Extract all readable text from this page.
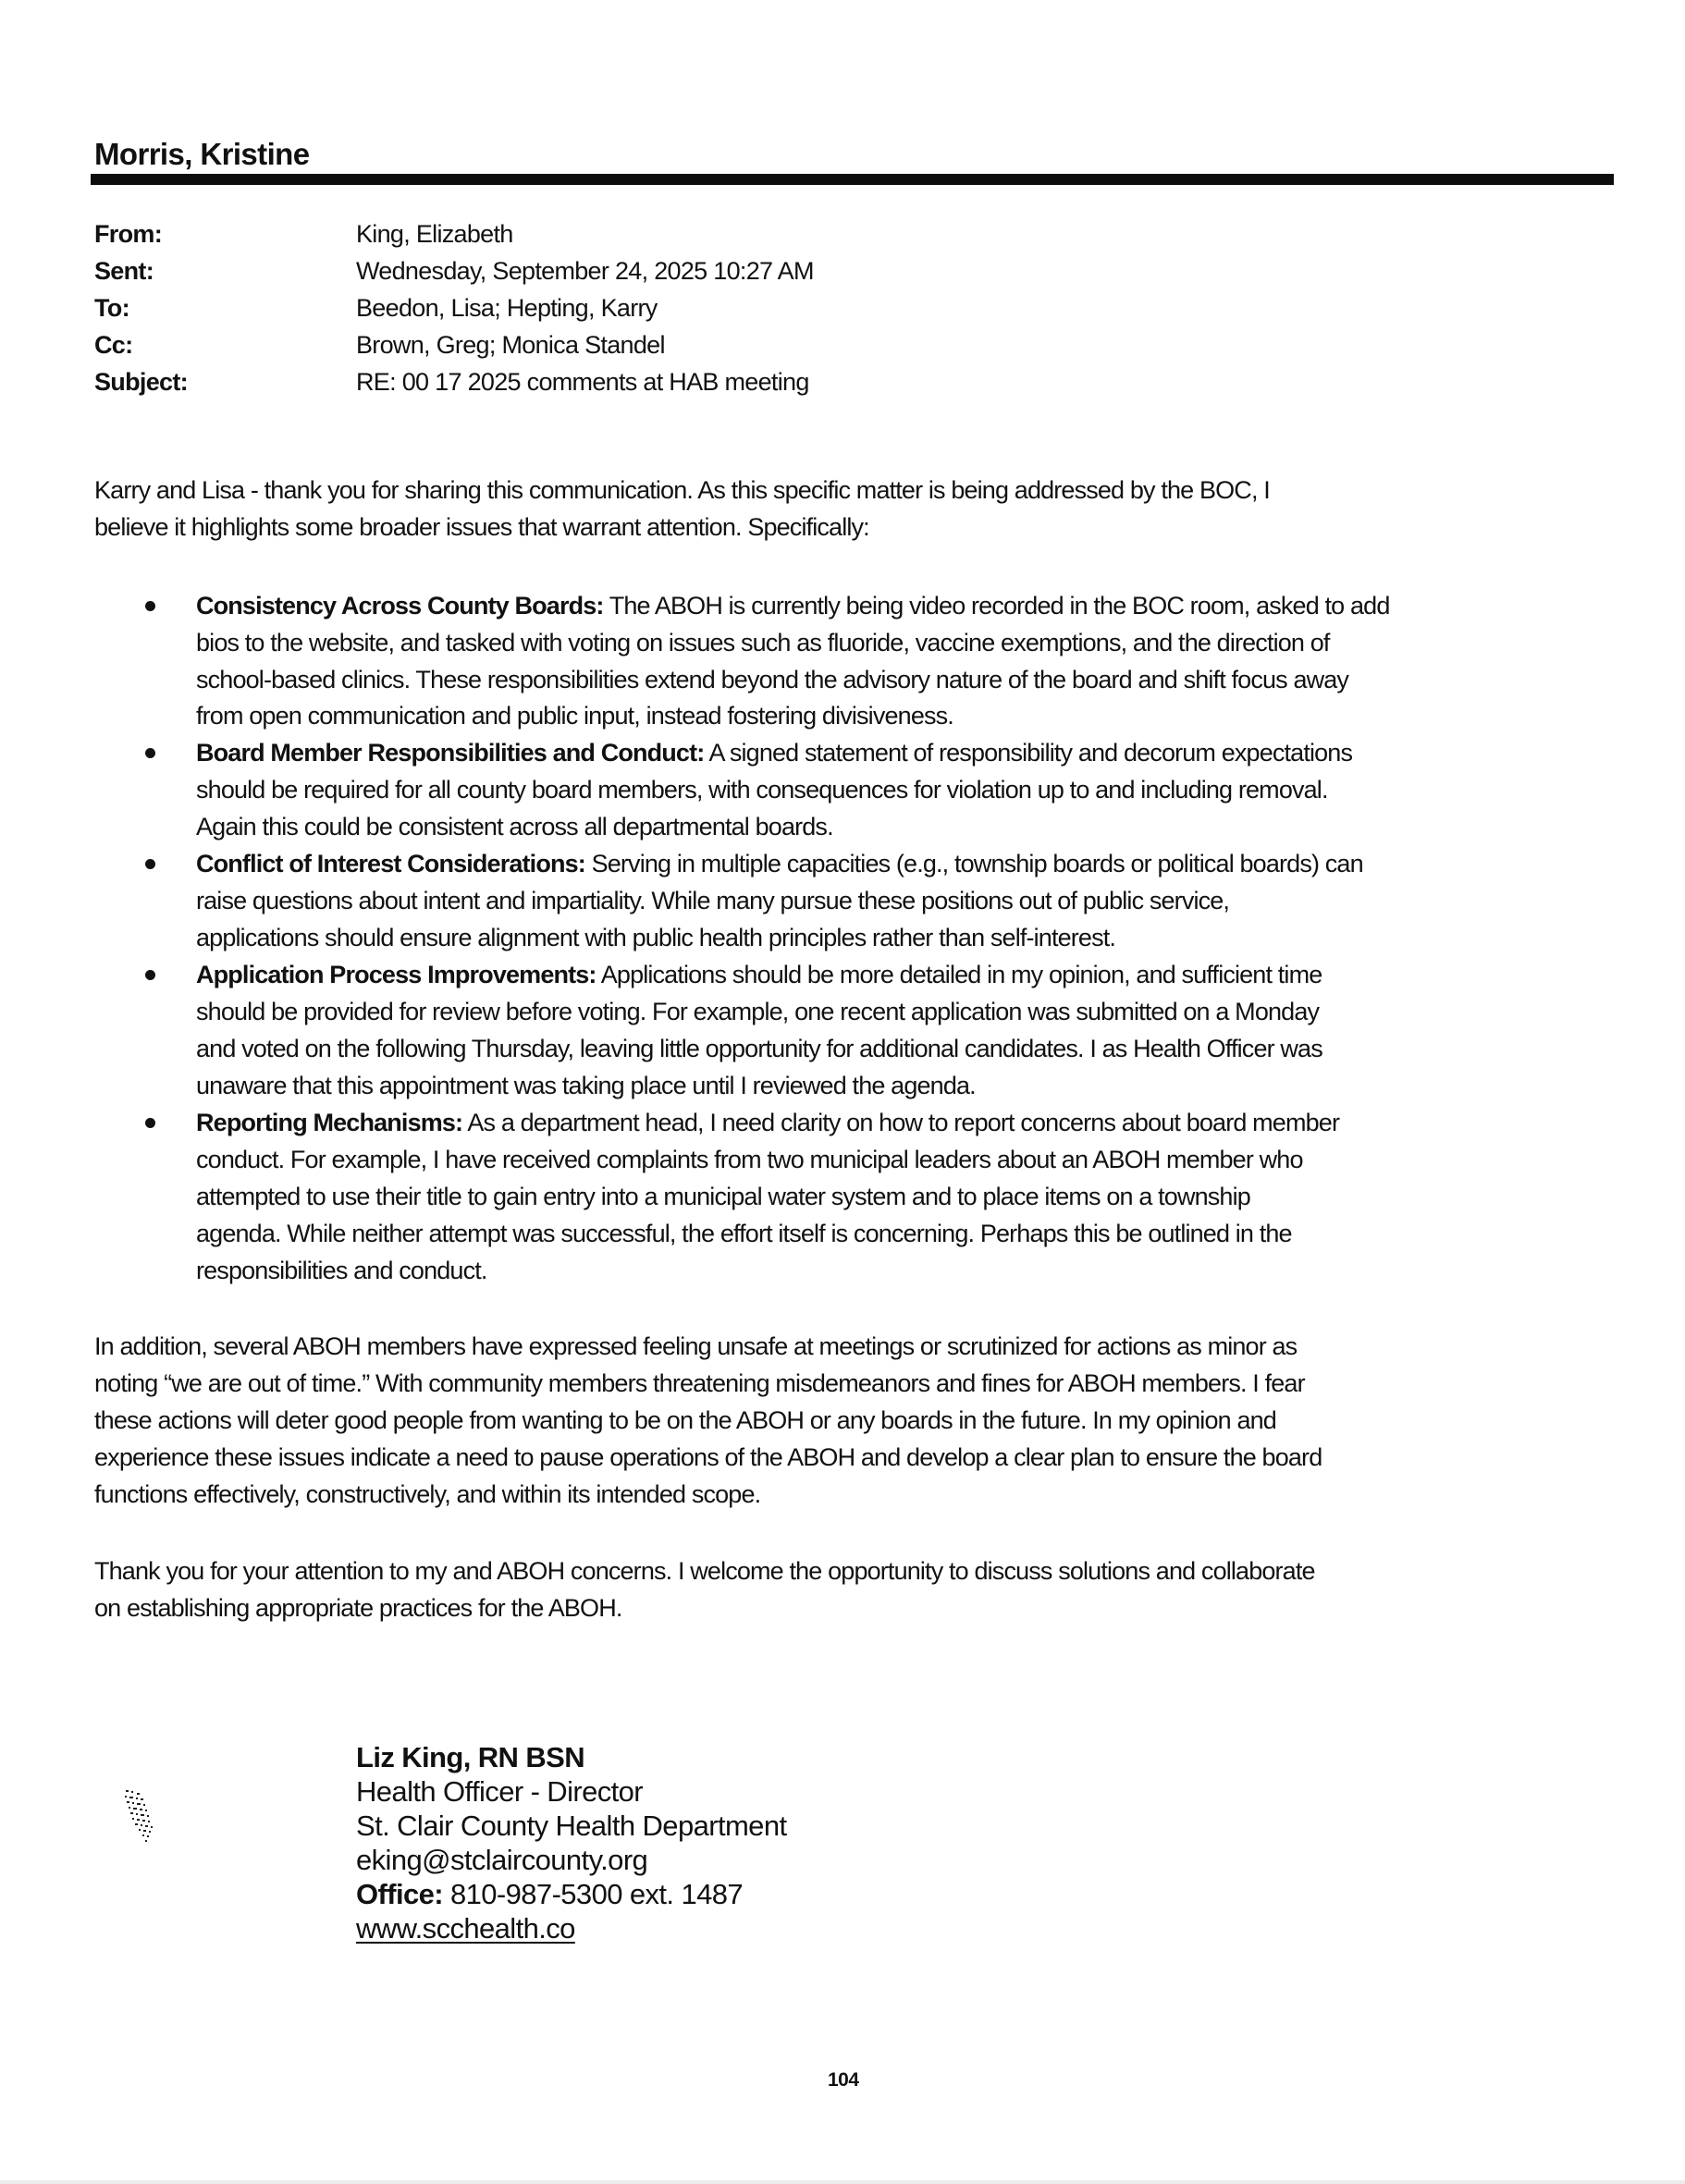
Morris, Kristine
From:	King, Elizabeth
Sent:	Wednesday, September 24, 2025 10:27 AM
To:	Beedon, Lisa; Hepting, Karry
Cc:	Brown, Greg; Monica Standel
Subject:	RE: 00 17 2025 comments at HAB meeting
Karry and Lisa - thank you for sharing this communication. As this specific matter is being addressed by the BOC, I
believe it highlights some broader issues that warrant attention. Specifically:
Consistency Across County Boards: The ABOH is currently being video recorded in the BOC room, asked to add
bios to the website, and tasked with voting on issues such as fluoride, vaccine exemptions, and the direction of
school-based clinics. These responsibilities extend beyond the advisory nature of the board and shift focus away
from open communication and public input, instead fostering divisiveness.
Board Member Responsibilities and Conduct: A signed statement of responsibility and decorum expectations
should be required for all county board members, with consequences for violation up to and including removal.
Again this could be consistent across all departmental boards.
Conflict of Interest Considerations: Serving in multiple capacities (e.g., township boards or political boards) can
raise questions about intent and impartiality. While many pursue these positions out of public service,
applications should ensure alignment with public health principles rather than self-interest.
Application Process Improvements: Applications should be more detailed in my opinion, and sufficient time
should be provided for review before voting. For example, one recent application was submitted on a Monday
and voted on the following Thursday, leaving little opportunity for additional candidates. I as Health Officer was
unaware that this appointment was taking place until I reviewed the agenda.
Reporting Mechanisms: As a department head, I need clarity on how to report concerns about board member
conduct. For example, I have received complaints from two municipal leaders about an ABOH member who
attempted to use their title to gain entry into a municipal water system and to place items on a township
agenda. While neither attempt was successful, the effort itself is concerning. Perhaps this be outlined in the
responsibilities and conduct.
In addition, several ABOH members have expressed feeling unsafe at meetings or scrutinized for actions as minor as
noting “we are out of time.” With community members threatening misdemeanors and fines for ABOH members. I fear
these actions will deter good people from wanting to be on the ABOH or any boards in the future. In my opinion and
experience these issues indicate a need to pause operations of the ABOH and develop a clear plan to ensure the board
functions effectively, constructively, and within its intended scope.
Thank you for your attention to my and ABOH concerns. I welcome the opportunity to discuss solutions and collaborate
on establishing appropriate practices for the ABOH.
Liz King, RN BSN
Health Officer - Director
St. Clair County Health Department
eking@stclaircounty.org
Office: 810-987-5300 ext. 1487
www.scchealth.co
104
